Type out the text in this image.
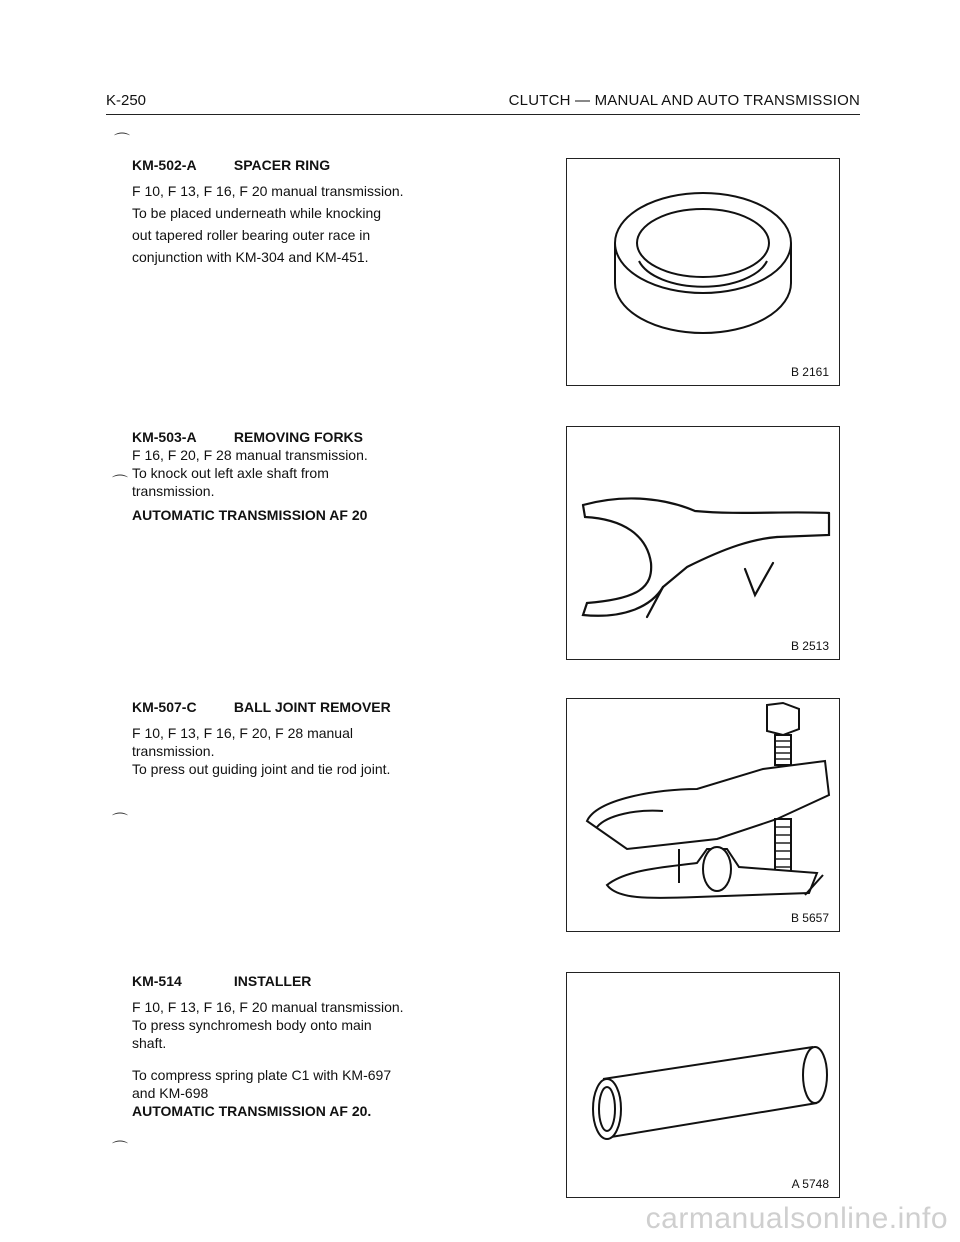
K-250	CLUTCH — MANUAL AND AUTO TRANSMISSION
⌒
⌒
⌒
⌒
KM-502-A	SPACER RING

F 10, F 13, F 16, F 20 manual transmission.

To be placed underneath while knocking

out tapered roller bearing outer race in

conjunction with KM-304 and KM-451.

B 2161
KM-503-A	REMOVING FORKS

F 16, F 20, F 28 manual transmission.

To knock out left axle shaft from

transmission.

AUTOMATIC TRANSMISSION AF 20
B 2513
KM-507-C	BALL JOINT REMOVER

F 10, F 13, F 16, F 20, F 28 manual

transmission.

To press out guiding joint and tie rod joint.

B 5657
KM-514	INSTALLER

F 10, F 13, F 16, F 20 manual transmission.

To press synchromesh body onto main

shaft.

To compress spring plate C1 with KM-697

and KM-698

AUTOMATIC TRANSMISSION AF 20.
A 5748
carmanualsonline.info
